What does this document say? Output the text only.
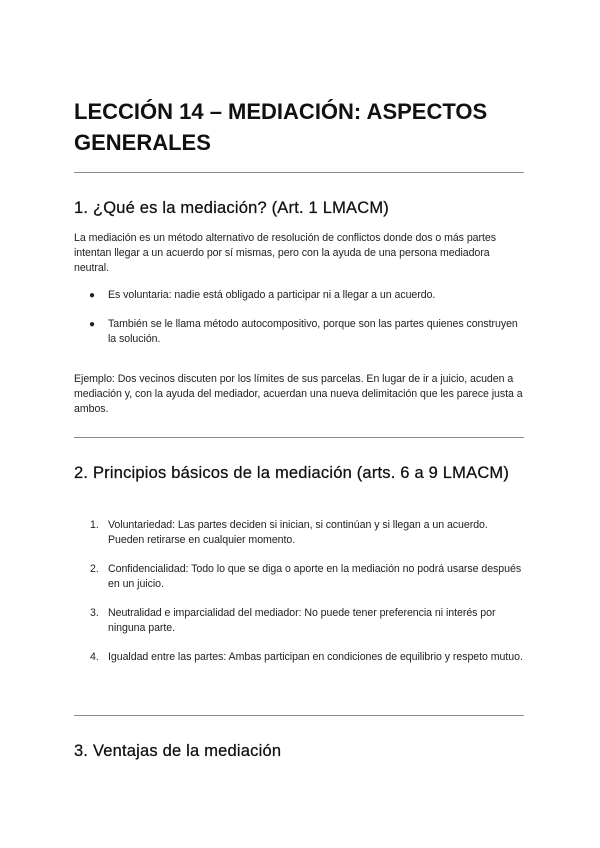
LECCIÓN 14 – MEDIACIÓN: ASPECTOS GENERALES
1. ¿Qué es la mediación? (Art. 1 LMACM)

La mediación es un método alternativo de resolución de conflictos donde dos o más partes intentan llegar a un acuerdo por sí mismas, pero con la ayuda de una persona mediadora neutral.

● Es voluntaria: nadie está obligado a participar ni a llegar a un acuerdo.
● También se le llama método autocompositivo, porque son las partes quienes construyen la solución.

Ejemplo: Dos vecinos discuten por los límites de sus parcelas. En lugar de ir a juicio, acuden a mediación y, con la ayuda del mediador, acuerdan una nueva delimitación que les parece justa a ambos.

2. Principios básicos de la mediación (arts. 6 a 9 LMACM)
1. Voluntariedad: Las partes deciden si inician, si continúan y si llegan a un acuerdo. Pueden retirarse en cualquier momento.
2. Confidencialidad: Todo lo que se diga o aporte en la mediación no podrá usarse después en un juicio.
3. Neutralidad e imparcialidad del mediador: No puede tener preferencia ni interés por ninguna parte.
4. Igualdad entre las partes: Ambas participan en condiciones de equilibrio y respeto mutuo.
3. Ventajas de la mediación
